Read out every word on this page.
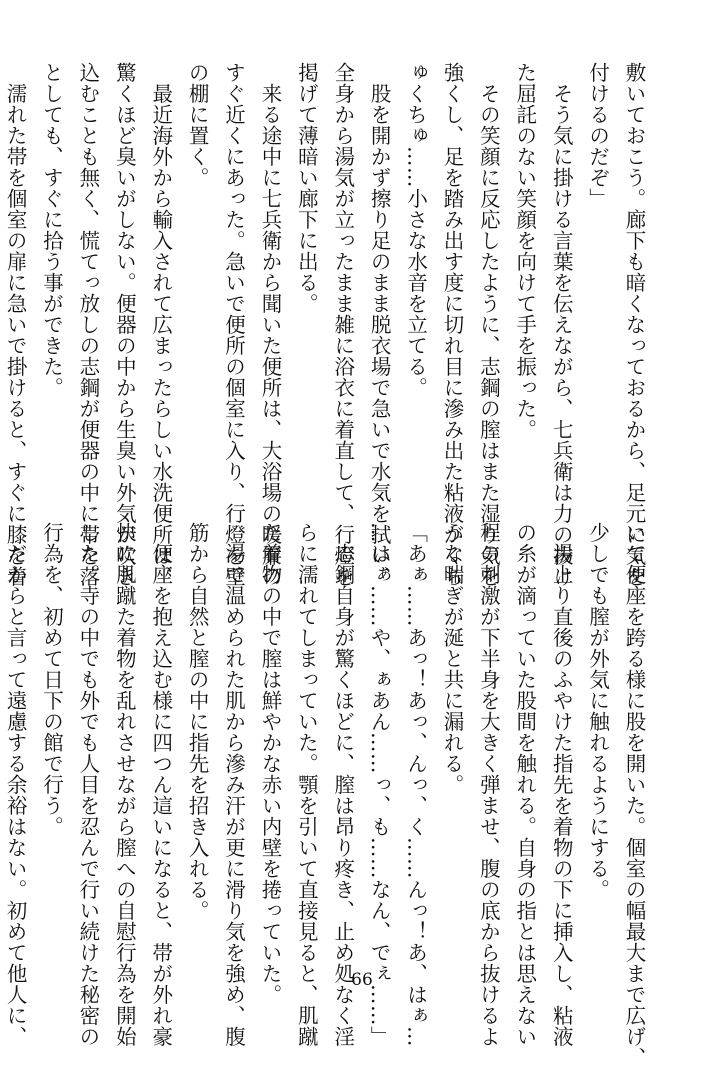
敷いておこう。廊下も暗くなっておるから、足元に気を
付けるのだぞ」
　そう気に掛ける言葉を伝えながら、七兵衛は力の抜け
た屈託のない笑顔を向けて手を振った。
　その笑顔に反応したように、志鋼の膣はまた湿り気を
強くし、足を踏み出す度に切れ目に滲み出た粘液がくち
ゅくちゅ……小さな水音を立てる。
　股を開かず擦り足のまま脱衣場で急いで水気を拭い、
全身から湯気が立ったまま雑に浴衣に着直して、行燈を
掲げて薄暗い廊下に出る。
　来る途中に七兵衛から聞いた便所は、大浴場の暖簾の
すぐ近くにあった。急いで便所の個室に入り、行燈を壁
の棚に置く。
　最近海外から輸入されて広まったらしい水洗便所は、
驚くほど臭いがしない。便器の中から生臭い外気が吹き
込むことも無く、慌てっ放しの志鋼が便器の中に帯を落
としても、すぐに拾う事ができた。
　濡れた帯を個室の扉に急いで掛けると、すぐに膝を着
いて便座を跨る様に股を開いた。個室の幅最大まで広げ、
少しでも膣が外気に触れるようにする。
　湯上り直後のふやけた指先を着物の下に挿入し、粘液
の糸が滴っていた股間を触れる。自身の指とは思えない
程の刺激が下半身を大きく弾ませ、腹の底から抜けるよ
うな喘ぎが涎と共に漏れる。
「あぁ……あっ！あっ、んっ、く……んっ！あ、はぁ…
…はぁ……や、ぁあん……っ、も……なん、でぇ……」
　志鋼自身が驚くほどに、膣は昂り疼き、止め処なく淫
らに濡れてしまっていた。顎を引いて直接見ると、肌蹴
た着物の中で膣は鮮やかな赤い内壁を捲っていた。
　湯で温められた肌から滲み汗が更に滑り気を強め、腹
筋から自然と膣の中に指先を招き入れる。
　便座を抱え込む様に四つん這いになると、帯が外れ豪
快に肌蹴た着物を乱れさせながら膣への自慰行為を開始
した。寺の中でも外でも人目を忍んで行い続けた秘密の
行為を、初めて日下の館で行う。
　だからと言って遠慮する余裕はない。初めて他人に、	66
